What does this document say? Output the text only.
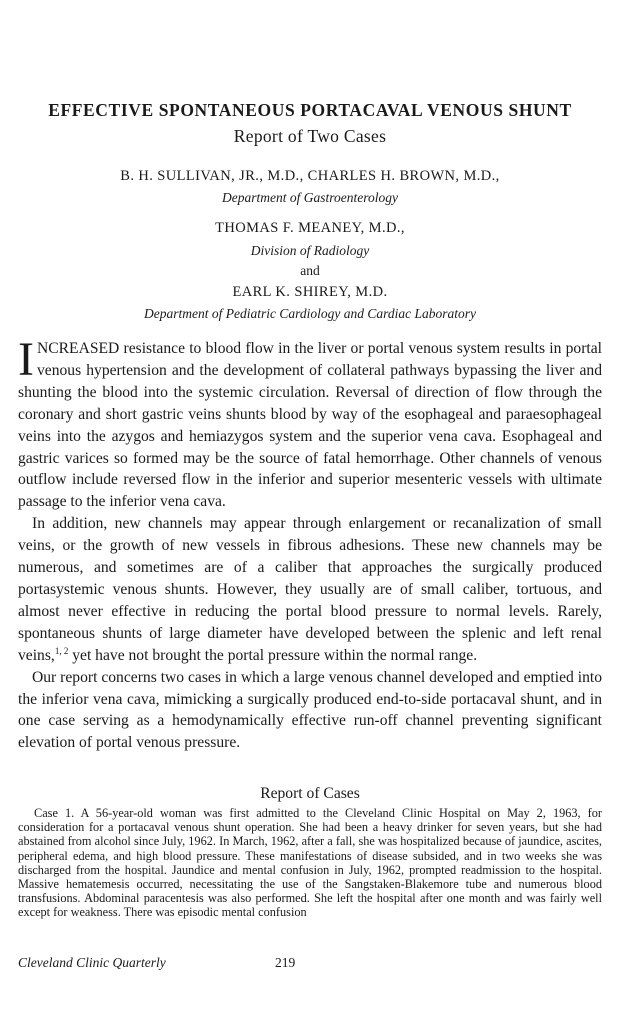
EFFECTIVE SPONTANEOUS PORTACAVAL VENOUS SHUNT
Report of Two Cases
B. H. SULLIVAN, JR., M.D., CHARLES H. BROWN, M.D.,
Department of Gastroenterology
THOMAS F. MEANEY, M.D.,
Division of Radiology
and
EARL K. SHIREY, M.D.
Department of Pediatric Cardiology and Cardiac Laboratory

INCREASED resistance to blood flow in the liver or portal venous system results in portal venous hypertension and the development of collateral pathways bypassing the liver and shunting the blood into the systemic circulation. Reversal of direction of flow through the coronary and short gastric veins shunts blood by way of the esophageal and paraesophageal veins into the azygos and hemiazygos system and the superior vena cava. Esophageal and gastric varices so formed may be the source of fatal hemorrhage. Other channels of venous outflow include reversed flow in the inferior and superior mesenteric vessels with ultimate passage to the inferior vena cava.

In addition, new channels may appear through enlargement or recanalization of small veins, or the growth of new vessels in fibrous adhesions. These new channels may be numerous, and sometimes are of a caliber that approaches the surgically produced portasystemic venous shunts. However, they usually are of small caliber, tortuous, and almost never effective in reducing the portal blood pressure to normal levels. Rarely, spontaneous shunts of large diameter have developed between the splenic and left renal veins,$^{1, 2}$ yet have not brought the portal pressure within the normal range.

Our report concerns two cases in which a large venous channel developed and emptied into the inferior vena cava, mimicking a surgically produced end-to-side portacaval shunt, and in one case serving as a hemodynamically effective run-off channel preventing significant elevation of portal venous pressure.

Report of Cases

Case 1. A 56-year-old woman was first admitted to the Cleveland Clinic Hospital on May 2, 1963, for consideration for a portacaval venous shunt operation. She had been a heavy drinker for seven years, but she had abstained from alcohol since July, 1962. In March, 1962, after a fall, she was hospitalized because of jaundice, ascites, peripheral edema, and high blood pressure. These manifestations of disease subsided, and in two weeks she was discharged from the hospital. Jaundice and mental confusion in July, 1962, prompted readmission to the hospital. Massive hematemesis occurred, necessitating the use of the Sangstaken-Blakemore tube and numerous blood transfusions. Abdominal paracentesis was also performed. She left the hospital after one month and was fairly well except for weakness. There was episodic mental confusion

Cleveland Clinic Quarterly	219
